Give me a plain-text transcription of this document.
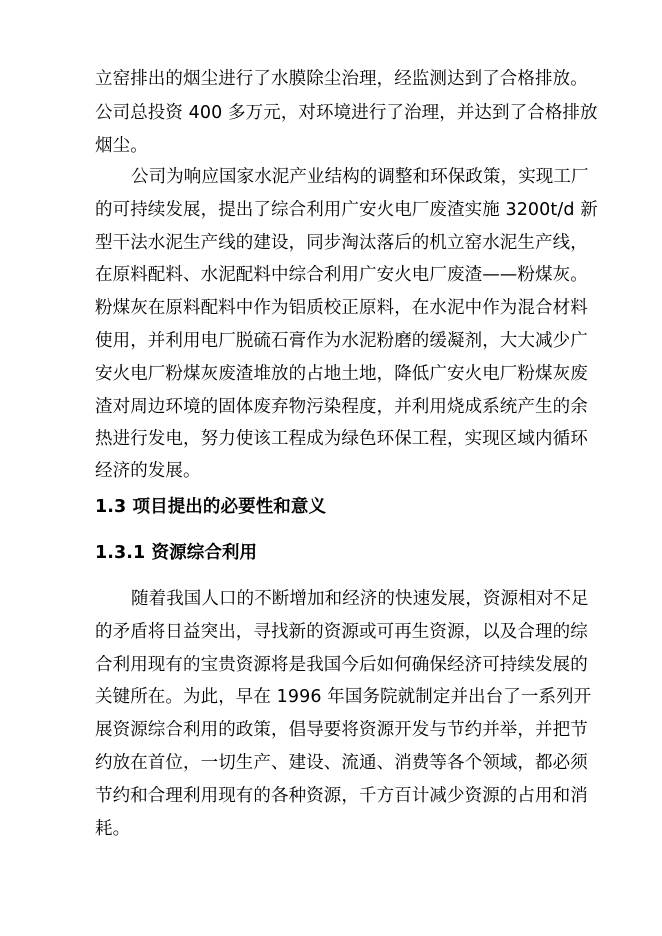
立窑排出的烟尘进行了水膜除尘治理，经监测达到了合格排放。
公司总投资 400 多万元，对环境进行了治理，并达到了合格排放
烟尘。
公司为响应国家水泥产业结构的调整和环保政策，实现工厂
的可持续发展，提出了综合利用广安火电厂废渣实施 3200t/d 新
型干法水泥生产线的建设，同步淘汰落后的机立窑水泥生产线，
在原料配料、水泥配料中综合利用广安火电厂废渣——粉煤灰。
粉煤灰在原料配料中作为铝质校正原料，在水泥中作为混合材料
使用，并利用电厂脱硫石膏作为水泥粉磨的缓凝剂，大大减少广
安火电厂粉煤灰废渣堆放的占地土地，降低广安火电厂粉煤灰废
渣对周边环境的固体废弃物污染程度，并利用烧成系统产生的余
热进行发电，努力使该工程成为绿色环保工程，实现区域内循环
经济的发展。
1.3 项目提出的必要性和意义
1.3.1 资源综合利用
随着我国人口的不断增加和经济的快速发展，资源相对不足
的矛盾将日益突出，寻找新的资源或可再生资源，以及合理的综
合利用现有的宝贵资源将是我国今后如何确保经济可持续发展的
关键所在。为此，早在 1996 年国务院就制定并出台了一系列开
展资源综合利用的政策，倡导要将资源开发与节约并举，并把节
约放在首位，一切生产、建设、流通、消费等各个领域，都必须
节约和合理利用现有的各种资源，千方百计减少资源的占用和消
耗。
